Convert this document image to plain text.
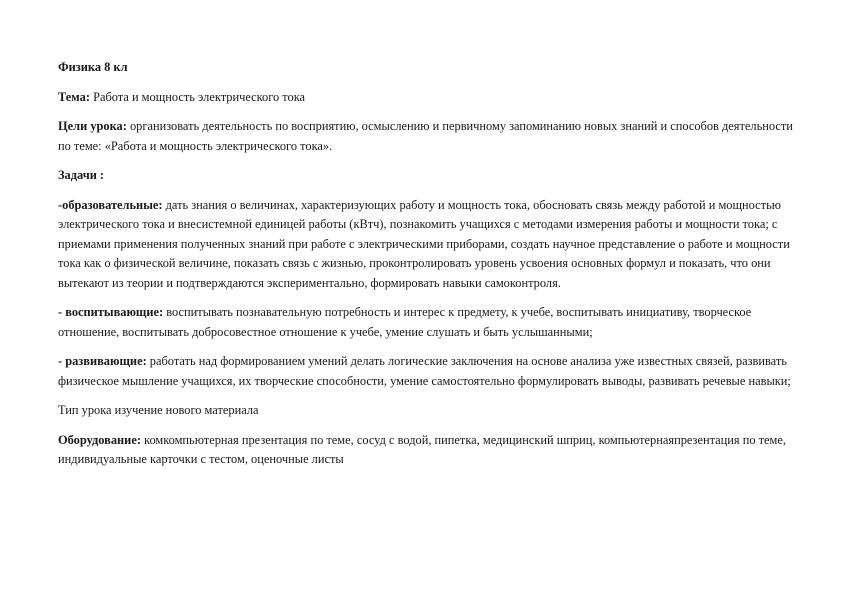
Физика 8 кл

Тема: Работа и мощность электрического тока

Цели урока: организовать деятельность по восприятию, осмыслению и первичному запоминанию новых знаний и способов деятельности по теме: «Работа и мощность электрического тока».

Задачи :

-образовательные: дать знания о величинах, характеризующих работу и мощность тока, обосновать связь между работой и мощностью электрического тока и внесистемной единицей работы (кВтч), познакомить учащихся с методами измерения работы и мощности тока; с приемами применения полученных знаний при работе с электрическими приборами, создать научное представление о работе и мощности тока как о физической величине, показать связь с жизнью, проконтролировать уровень усвоения основных формул и показать, что они вытекают из теории и подтверждаются экспериментально, формировать навыки самоконтроля.

- воспитывающие: воспитывать познавательную потребность и интерес к предмету, к учебе, воспитывать инициативу, творческое отношение, воспитывать добросовестное отношение к учебе, умение слушать и быть услышанными;

- развивающие: работать над формированием умений делать логические заключения на основе анализа уже известных связей, развивать физическое мышление учащихся, их творческие способности, умение самостоятельно формулировать выводы, развивать речевые навыки;

Тип урока изучение нового материала

Оборудование: комкомпьютерная презентация по теме, сосуд с водой, пипетка, медицинский шприц, компьютернаяпрезентация по теме, индивидуальные карточки с тестом, оценочные листы
